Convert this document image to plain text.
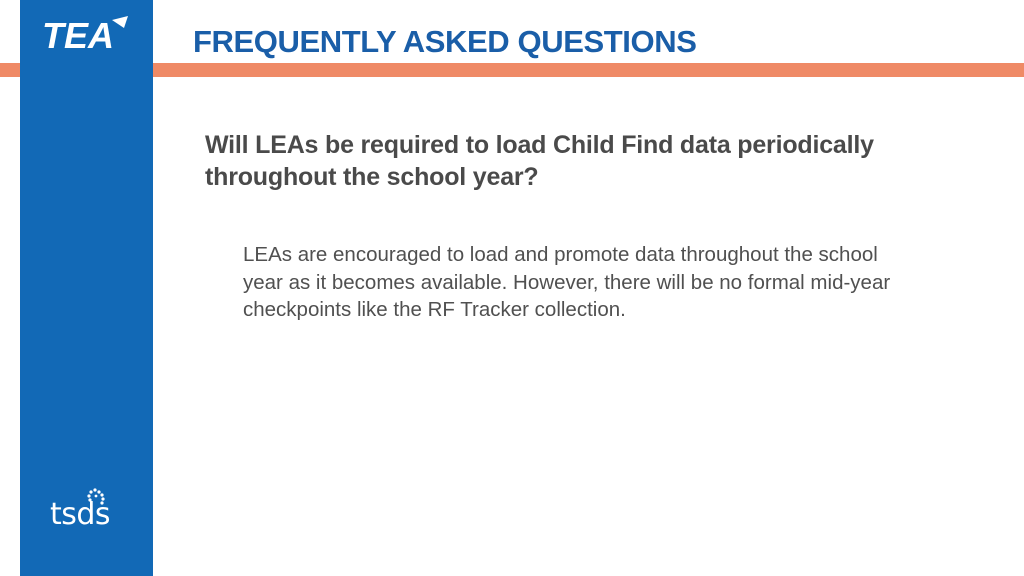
TEA
tsds
FREQUENTLY ASKED QUESTIONS
Will LEAs be required to load Child Find data periodically throughout the school year?
LEAs are encouraged to load and promote data throughout the school year as it becomes available. However, there will be no formal mid-year checkpoints like the RF Tracker collection.
